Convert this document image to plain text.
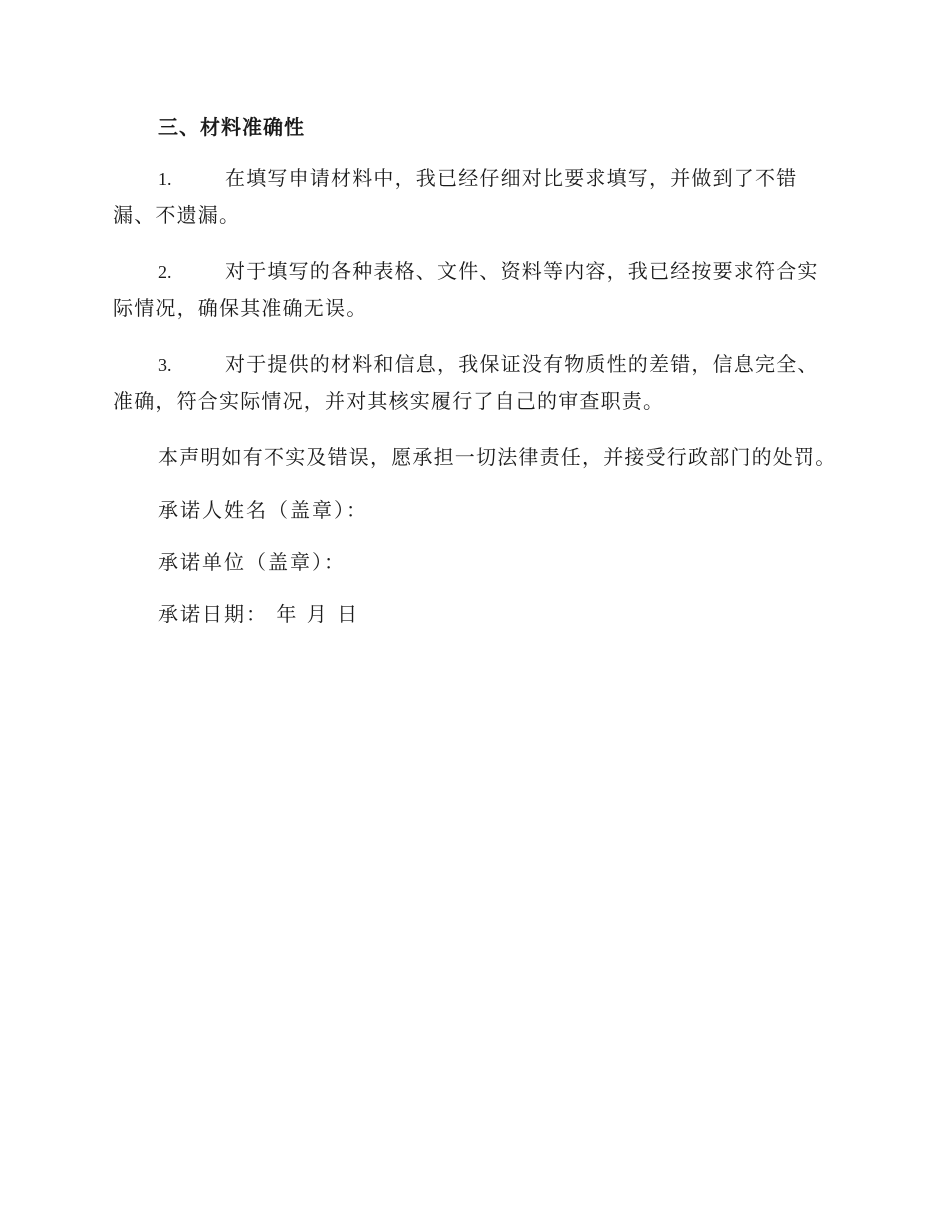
三、材料准确性
1.	在填写申请材料中，我已经仔细对比要求填写，并做到了不错漏、不遗漏。
2.	对于填写的各种表格、文件、资料等内容，我已经按要求符合实际情况，确保其准确无误。
3.	对于提供的材料和信息，我保证没有物质性的差错，信息完全、准确，符合实际情况，并对其核实履行了自己的审查职责。
本声明如有不实及错误，愿承担一切法律责任，并接受行政部门的处罚。
承诺人姓名（盖章）：
承诺单位（盖章）：
承诺日期： 年 月 日
